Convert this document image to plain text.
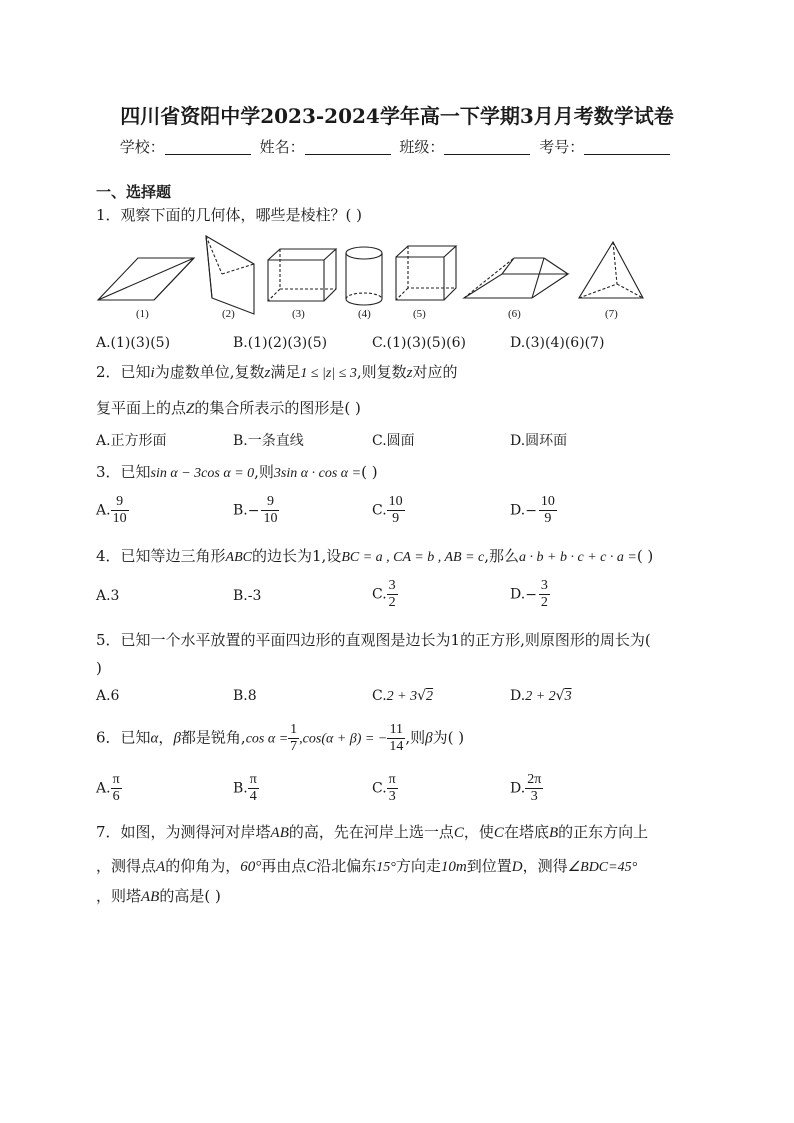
四川省资阳中学2023-2024学年高一下学期3月月考数学试卷
学校：	姓名：	班级：	考号：
一、选择题
1．观察下面的几何体，哪些是棱柱？( )
(1)	(2)	(3)	(4)	(5)	(6)	(7)
A.(1)(3)(5)	B.(1)(2)(3)(5)	C.(1)(3)(5)(6)	D.(3)(4)(6)(7)
2．已知i为虚数单位,复数z满足1 ≤ |z| ≤ 3,则复数z对应的
复平面上的点Z的集合所表示的图形是( )
A.正方形面	B.一条直线	C.圆面	D.圆环面
3．已知sin α − 3cos α = 0,则3sin α · cos α =( )
A. $\frac{9}{10}$	$B.- \frac{9}{10}$	C. $\frac{10}{9}$	$D.- \frac{10}{9}$
4．已知等边三角形ABC的边长为1,设BC = a , CA = b , AB = c,那么a · b + b · c + c · a =( )
A.3	B.-3	C. $\frac{3}{2}$	$D.- \frac{3}{2}$
5．已知一个水平放置的平面四边形的直观图是边长为1的正方形,则原图形的周长为(
)
A.6	B.8	C.2 + 3√2	D.2 + 2√3
6．已知α，β都是锐角,cos $\alpha = \frac{1}{7} ,\cos(\alpha + \beta)$ = − $\frac{11}{14}$ ,则β为( )
A. $\frac{\pi}{6}$	B. $\frac{\pi}{4}$	C. $\frac{\pi}{3}$	D. $\frac{2\pi}{3}$
7．如图，为测得河对岸塔AB的高，先在河岸上选一点C，使C在塔底B的正东方向上
，测得点A的仰角为，60°再由点C沿北偏东15°方向走10m到位置D，测得∠BDC=45°
，则塔AB的高是( )
